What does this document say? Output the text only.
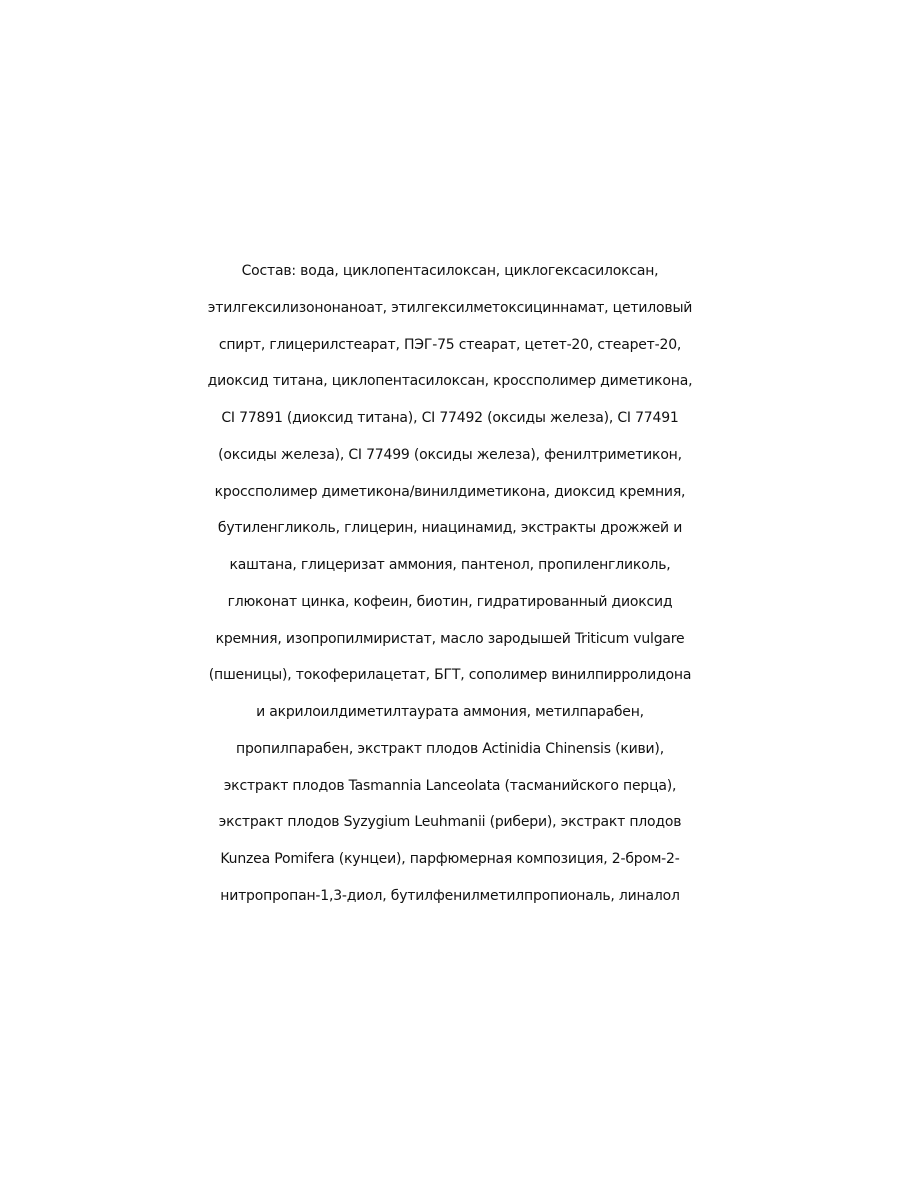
Состав: вода, циклопентасилоксан, циклогексасилоксан,
этилгексилизононаноат, этилгексилметоксициннамат, цетиловый
спирт, глицерилстеарат, ПЭГ-75 стеарат, цетет-20, стеарет-20,
диоксид титана, циклопентасилоксан, кроссполимер диметикона,
CI 77891 (диоксид титана), CI 77492 (оксиды железа), CI 77491
(оксиды железа), CI 77499 (оксиды железа), фенилтриметикон,
кроссполимер диметикона/винилдиметикона, диоксид кремния,
бутиленгликоль, глицерин, ниацинамид, экстракты дрожжей и
каштана, глицеризат аммония, пантенол, пропиленгликоль,
глюконат цинка, кофеин, биотин, гидратированный диоксид
кремния, изопропилмиристат, масло зародышей Triticum vulgare
(пшеницы), токоферилацетат, БГТ, сополимер винилпирролидона
и акрилоилдиметилтаурата аммония, метилпарабен,
пропилпарабен, экстракт плодов Actinidia Chinensis (киви),
экстракт плодов Tasmannia Lanceolata (тасманийского перца),
экстракт плодов Syzygium Leuhmanii (рибери), экстракт плодов
Kunzea Pomifera (кунцеи), парфюмерная композиция, 2-бром-2-
нитропропан-1,3-диол, бутилфенилметилпропиональ, линалол
